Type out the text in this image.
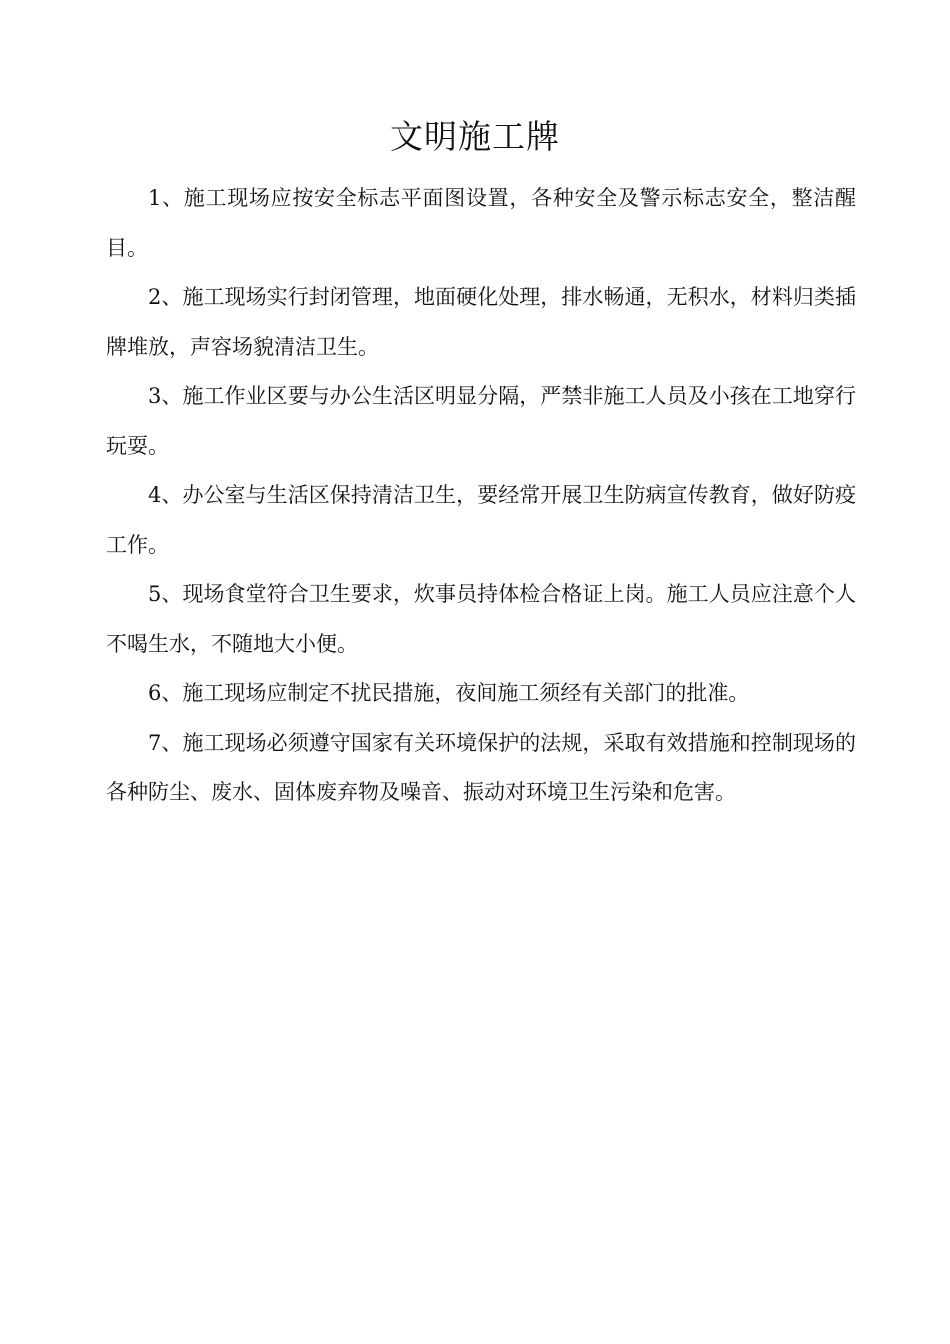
文明施工牌

1、施工现场应按安全标志平面图设置，各种安全及警示标志安全，整洁醒目。

2、施工现场实行封闭管理，地面硬化处理，排水畅通，无积水，材料归类插牌堆放，声容场貌清洁卫生。

3、施工作业区要与办公生活区明显分隔，严禁非施工人员及小孩在工地穿行玩耍。

4、办公室与生活区保持清洁卫生，要经常开展卫生防病宣传教育，做好防疫工作。

5、现场食堂符合卫生要求，炊事员持体检合格证上岗。施工人员应注意个人不喝生水，不随地大小便。

6、施工现场应制定不扰民措施，夜间施工须经有关部门的批准。

7、施工现场必须遵守国家有关环境保护的法规，采取有效措施和控制现场的各种防尘、废水、固体废弃物及噪音、振动对环境卫生污染和危害。
